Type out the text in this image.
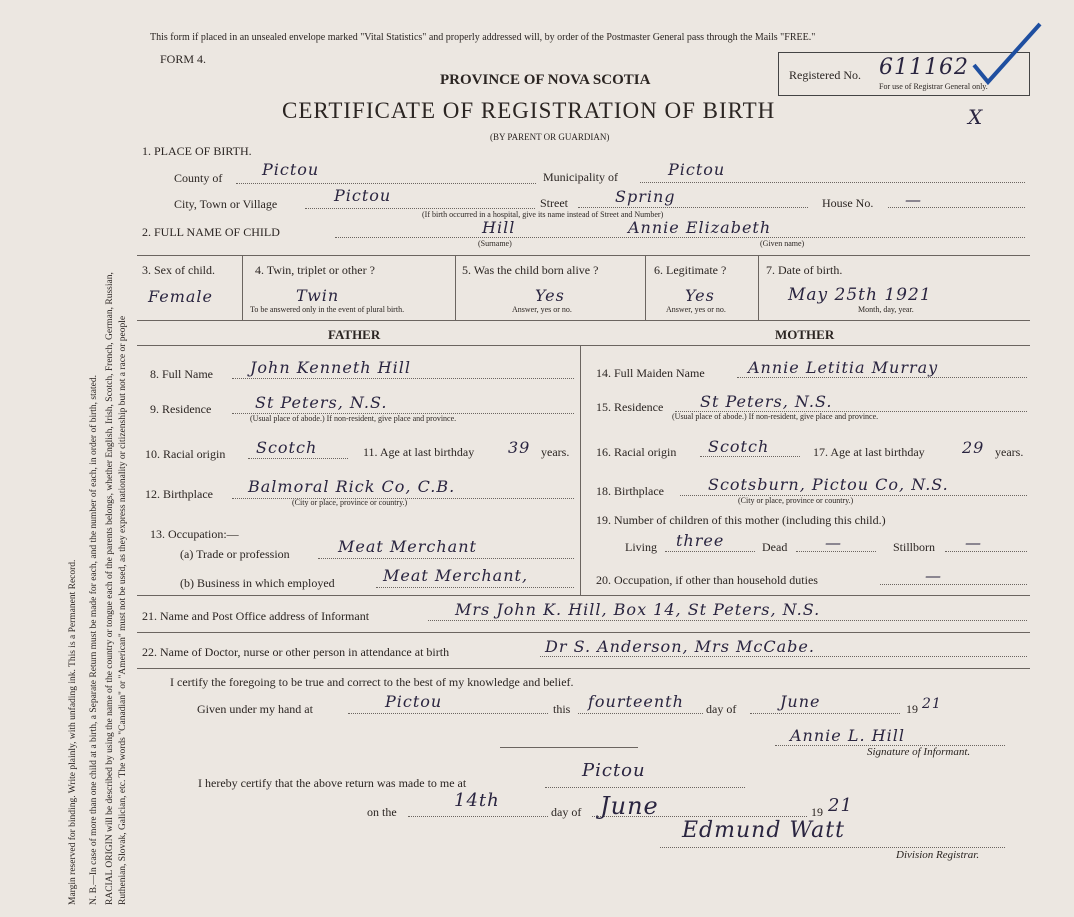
Margin reserved for binding. Write plainly, with unfading ink. This is a Permanent Record. N. B.—In case of more than one child at a birth, a Separate Return must be made for each, and the number of each, in order of birth, stated. RACIAL ORIGIN will be described by using the name of the country or tongue each of the parents belongs, whether English, Irish, Scotch, French, German, Russian, Ruthenian, Slovak, Galician, etc. The words "Canadian" or "American" must not be used, as they express nationality or citizenship but not a race or people
This form if placed in an unsealed envelope marked "Vital Statistics" and properly addressed will, by order of the Postmaster General pass through the Mails "FREE."
FORM 4.
Registered No. 611162
For use of Registrar General only.
X
PROVINCE OF NOVA SCOTIA
CERTIFICATE OF REGISTRATION OF BIRTH
(BY PARENT OR GUARDIAN)
1. PLACE OF BIRTH.
County of Pictou	Municipality of	Pictou
City, Town or Village	Pictou	Street	Spring
(If birth occurred in a hospital, give its name instead of Street and Number)
House No. —
2. FULL NAME OF CHILD	Hill
(Surname)
Annie Elizabeth
(Given name)
3. Sex of child.
Female
4. Twin, triplet or other ?
Twin
To be answered only in the event of plural birth.
5. Was the child born alive ?
Yes
Answer, yes or no.
6. Legitimate ?
Yes
Answer, yes or no.
7. Date of birth.
May 25th 1921
Month, day, year.
FATHER	MOTHER
8. Full Name John Kenneth Hill
9. Residence	St Peters, N.S.
(Usual place of abode.) If non-resident, give place and province.
10. Racial origin Scotch	11. Age at last birthday 39 years.
12. Birthplace Balmoral Rick Co, C.B.
(City or place, province or country.)
13. Occupation:—
(a) Trade or profession	Meat Merchant
(b) Business in which employed	Meat Merchant,
14. Full Maiden Name	Annie Letitia Murray
15. Residence St Peters, N.S.
(Usual place of abode.) If non-resident, give place and province.
16. Racial origin Scotch	17. Age at last birthday 29 years.
18. Birthplace	Scotsburn, Pictou Co, N.S.
(City or place, province or country.)
19. Number of children of this mother (including this child.)
Living three	Dead —	Stillborn —
20. Occupation, if other than household duties	—
21. Name and Post Office address of Informant	Mrs John K. Hill, Box 14, St Peters, N.S.
22. Name of Doctor, nurse or other person in attendance at birth	Dr S. Anderson, Mrs McCabe.
I certify the foregoing to be true and correct to the best of my knowledge and belief.
Given under my hand at	Pictou	this fourteenth day of	June	19 21
Annie L. Hill
Signature of Informant.
I hereby certify that the above return was made to me at
Pictou
on the
14th
day of June	19 21
Edmund Watt
Division Registrar.
